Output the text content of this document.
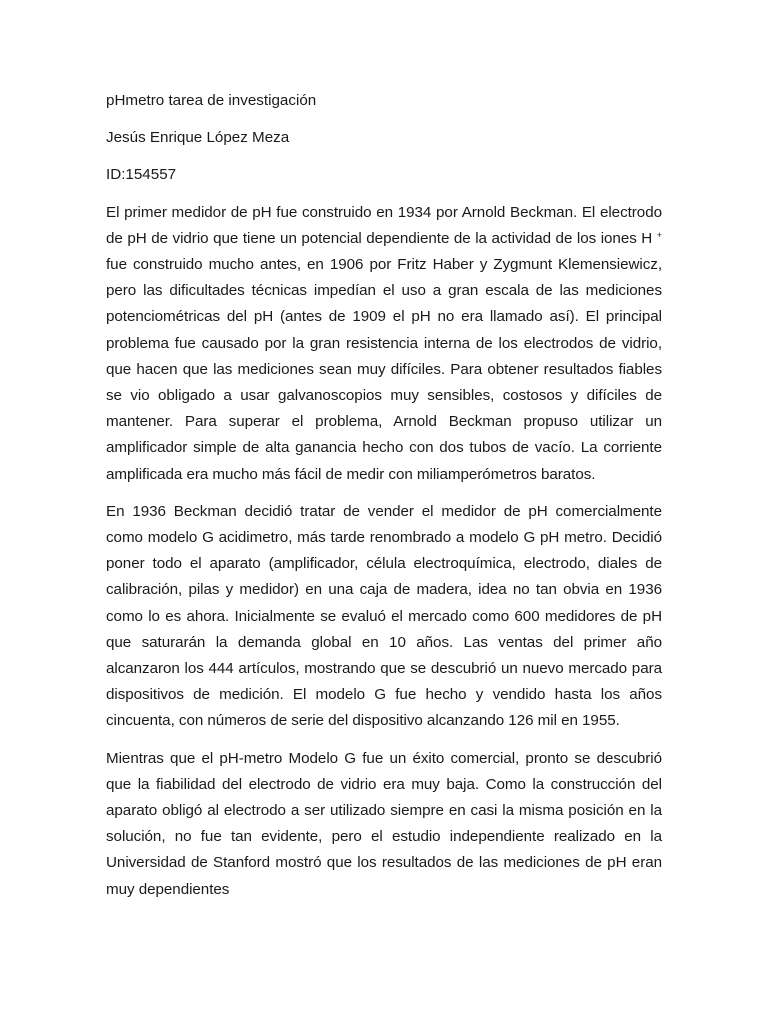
pHmetro tarea de investigación

Jesús Enrique López Meza

ID:154557

El primer medidor de pH fue construido en 1934 por Arnold Beckman. El electrodo de pH de vidrio que tiene un potencial dependiente de la actividad de los iones H + fue construido mucho antes, en 1906 por Fritz Haber y Zygmunt Klemensiewicz, pero las dificultades técnicas impedían el uso a gran escala de las mediciones potenciométricas del pH (antes de 1909 el pH no era llamado así). El principal problema fue causado por la gran resistencia interna de los electrodos de vidrio, que hacen que las mediciones sean muy difíciles. Para obtener resultados fiables se vio obligado a usar galvanoscopios muy sensibles, costosos y difíciles de mantener. Para superar el problema, Arnold Beckman propuso utilizar un amplificador simple de alta ganancia hecho con dos tubos de vacío. La corriente amplificada era mucho más fácil de medir con miliamperómetros baratos.

En 1936 Beckman decidió tratar de vender el medidor de pH comercialmente como modelo G acidimetro, más tarde renombrado a modelo G pH metro. Decidió poner todo el aparato (amplificador, célula electroquímica, electrodo, diales de calibración, pilas y medidor) en una caja de madera, idea no tan obvia en 1936 como lo es ahora. Inicialmente se evaluó el mercado como 600 medidores de pH que saturarán la demanda global en 10 años. Las ventas del primer año alcanzaron los 444 artículos, mostrando que se descubrió un nuevo mercado para dispositivos de medición. El modelo G fue hecho y vendido hasta los años cincuenta, con números de serie del dispositivo alcanzando 126 mil en 1955.

Mientras que el pH-metro Modelo G fue un éxito comercial, pronto se descubrió que la fiabilidad del electrodo de vidrio era muy baja. Como la construcción del aparato obligó al electrodo a ser utilizado siempre en casi la misma posición en la solución, no fue tan evidente, pero el estudio independiente realizado en la Universidad de Stanford mostró que los resultados de las mediciones de pH eran muy dependientes
